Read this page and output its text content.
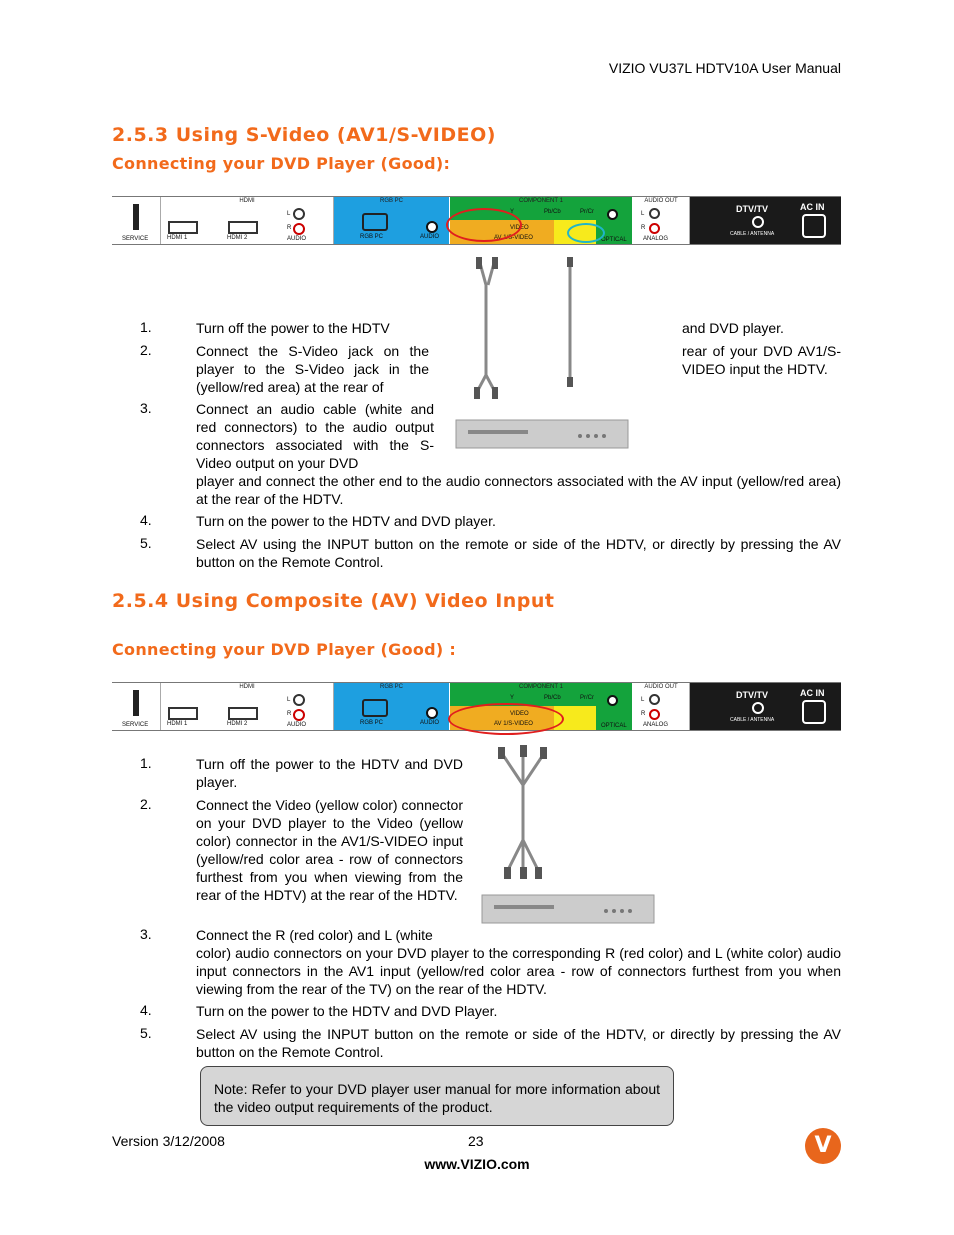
VIZIO VU37L HDTV10A User Manual
2.5.3 Using S-Video (AV1/S-VIDEO)
Connecting your DVD Player (Good):
SERVICE
HDMI
HDMI 1	HDMI 2
L
R
AUDIO
RGB PC
RGB PC	AUDIO
COMPONENT 1
AV 1/S-VIDEO
Y	Pb/Cb	Pr/Cr
VIDEO
AUDIO OUT
L
R
ANALOG
OPTICAL
DTV/TV
CABLE / ANTENNA
AC IN
1.	Turn off the power to the HDTV	and DVD player.
2.	Connect the S-Video jack on the player to the S-Video jack in the (yellow/red area) at the rear of
rear of your DVD AV1/S-VIDEO input the HDTV.
3.	Connect an audio cable (white and red connectors) to the audio output connectors associated with the S-Video output on your DVD
player and connect the other end to the audio connectors associated with the AV input (yellow/red area) at the rear of the HDTV.
4.	Turn on the power to the HDTV and DVD player.
5.	Select AV using the INPUT button on the remote or side of the HDTV, or directly by pressing the AV button on the Remote Control.
2.5.4 Using Composite (AV) Video Input
Connecting your DVD Player (Good) :
SERVICE
HDMI
HDMI 1	HDMI 2
L
R
AUDIO
RGB PC
RGB PC	AUDIO
COMPONENT 1
AV 1/S-VIDEO
Y	Pb/Cb	Pr/Cr
VIDEO
AUDIO OUT
L
R
ANALOG
OPTICAL
DTV/TV
CABLE / ANTENNA
AC IN
1.	Turn off the power to the HDTV and DVD player.
2.	Connect the Video (yellow color) connector on your DVD player to the Video (yellow color) connector in the AV1/S-VIDEO input (yellow/red color area - row of connectors furthest from you when viewing from the rear of the HDTV) at the rear of the HDTV.
3.	Connect the R (red color) and L (white
color) audio connectors on your DVD player to the corresponding R (red color) and L (white color) audio input connectors in the AV1 input (yellow/red color area - row of connectors furthest from you when viewing from the rear of the TV) on the rear of the HDTV.
4.	Turn on the power to the HDTV and DVD Player.
5.	Select AV using the INPUT button on the remote or side of the HDTV, or directly by pressing the AV button on the Remote Control.
Note: Refer to your DVD player user manual for more information about the video output requirements of the product.
Version 3/12/2008	23
www.VIZIO.com
V
